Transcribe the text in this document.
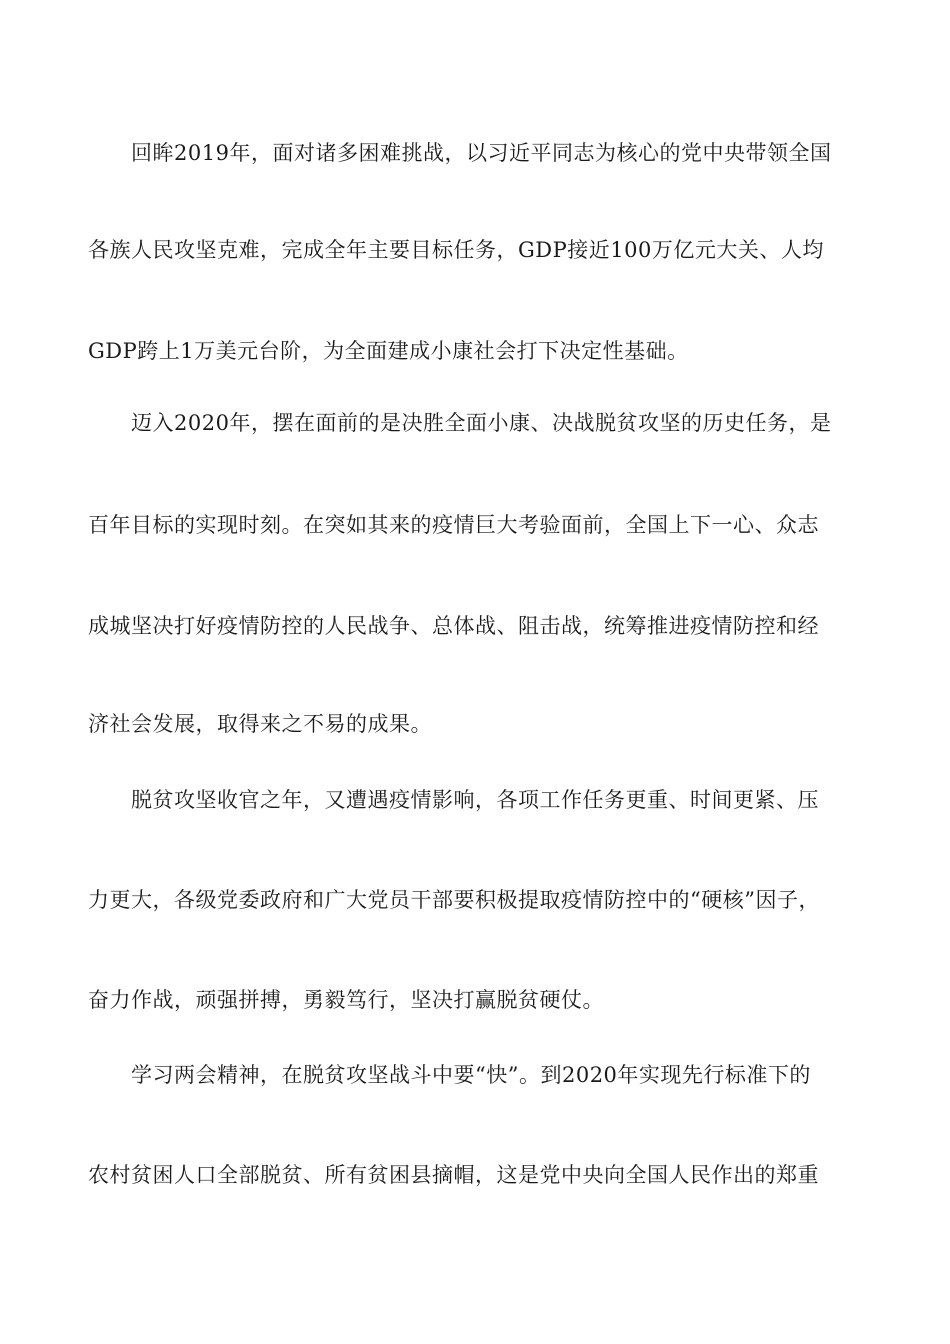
回眸2019年，面对诸多困难挑战，以习近平同志为核心的党中央带领全国
各族人民攻坚克难，完成全年主要目标任务，GDP接近100万亿元大关、人均
GDP跨上1万美元台阶，为全面建成小康社会打下决定性基础。
迈入2020年，摆在面前的是决胜全面小康、决战脱贫攻坚的历史任务，是
百年目标的实现时刻。在突如其来的疫情巨大考验面前，全国上下一心、众志
成城坚决打好疫情防控的人民战争、总体战、阻击战，统筹推进疫情防控和经
济社会发展，取得来之不易的成果。
脱贫攻坚收官之年，又遭遇疫情影响，各项工作任务更重、时间更紧、压
力更大，各级党委政府和广大党员干部要积极提取疫情防控中的“硬核”因子，
奋力作战，顽强拼搏，勇毅笃行，坚决打赢脱贫硬仗。
学习两会精神，在脱贫攻坚战斗中要“快”。到2020年实现先行标准下的
农村贫困人口全部脱贫、所有贫困县摘帽，这是党中央向全国人民作出的郑重
